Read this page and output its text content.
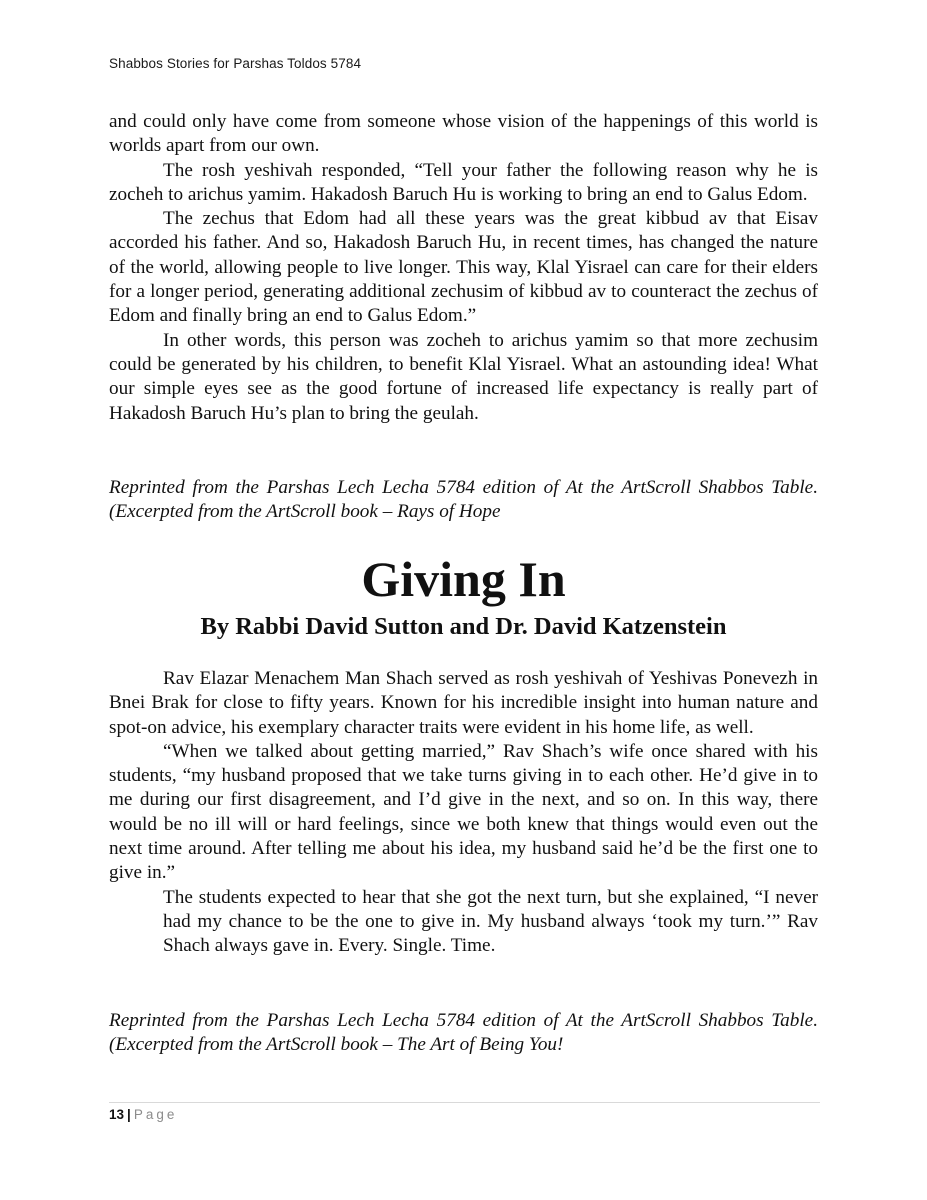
Shabbos Stories for Parshas Toldos 5784

and could only have come from someone whose vision of the happenings of this world is worlds apart from our own.

The rosh yeshivah responded, “Tell your father the following reason why he is zocheh to arichus yamim. Hakadosh Baruch Hu is working to bring an end to Galus Edom.

The zechus that Edom had all these years was the great kibbud av that Eisav accorded his father. And so, Hakadosh Baruch Hu, in recent times, has changed the nature of the world, allowing people to live longer. This way, Klal Yisrael can care for their elders for a longer period, generating additional zechusim of kibbud av to counteract the zechus of Edom and finally bring an end to Galus Edom.”

In other words, this person was zocheh to arichus yamim so that more zechusim could be generated by his children, to benefit Klal Yisrael. What an astounding idea! What our simple eyes see as the good fortune of increased life expectancy is really part of Hakadosh Baruch Hu’s plan to bring the geulah.

Reprinted from the Parshas Lech Lecha 5784 edition of At the ArtScroll Shabbos Table. (Excerpted from the ArtScroll book – Rays of Hope
Giving In
By Rabbi David Sutton and Dr. David Katzenstein

Rav Elazar Menachem Man Shach served as rosh yeshivah of Yeshivas Ponevezh in Bnei Brak for close to fifty years. Known for his incredible insight into human nature and spot-on advice, his exemplary character traits were evident in his home life, as well.

“When we talked about getting married,” Rav Shach’s wife once shared with his students, “my husband proposed that we take turns giving in to each other. He’d give in to me during our first disagreement, and I’d give in the next, and so on. In this way, there would be no ill will or hard feelings, since we both knew that things would even out the next time around. After telling me about his idea, my husband said he’d be the first one to give in.”

The students expected to hear that she got the next turn, but she explained, “I never had my chance to be the one to give in. My husband always ‘took my turn.’” Rav Shach always gave in. Every. Single. Time.

Reprinted from the Parshas Lech Lecha 5784 edition of At the ArtScroll Shabbos Table. (Excerpted from the ArtScroll book – The Art of Being You!
13 | Page
